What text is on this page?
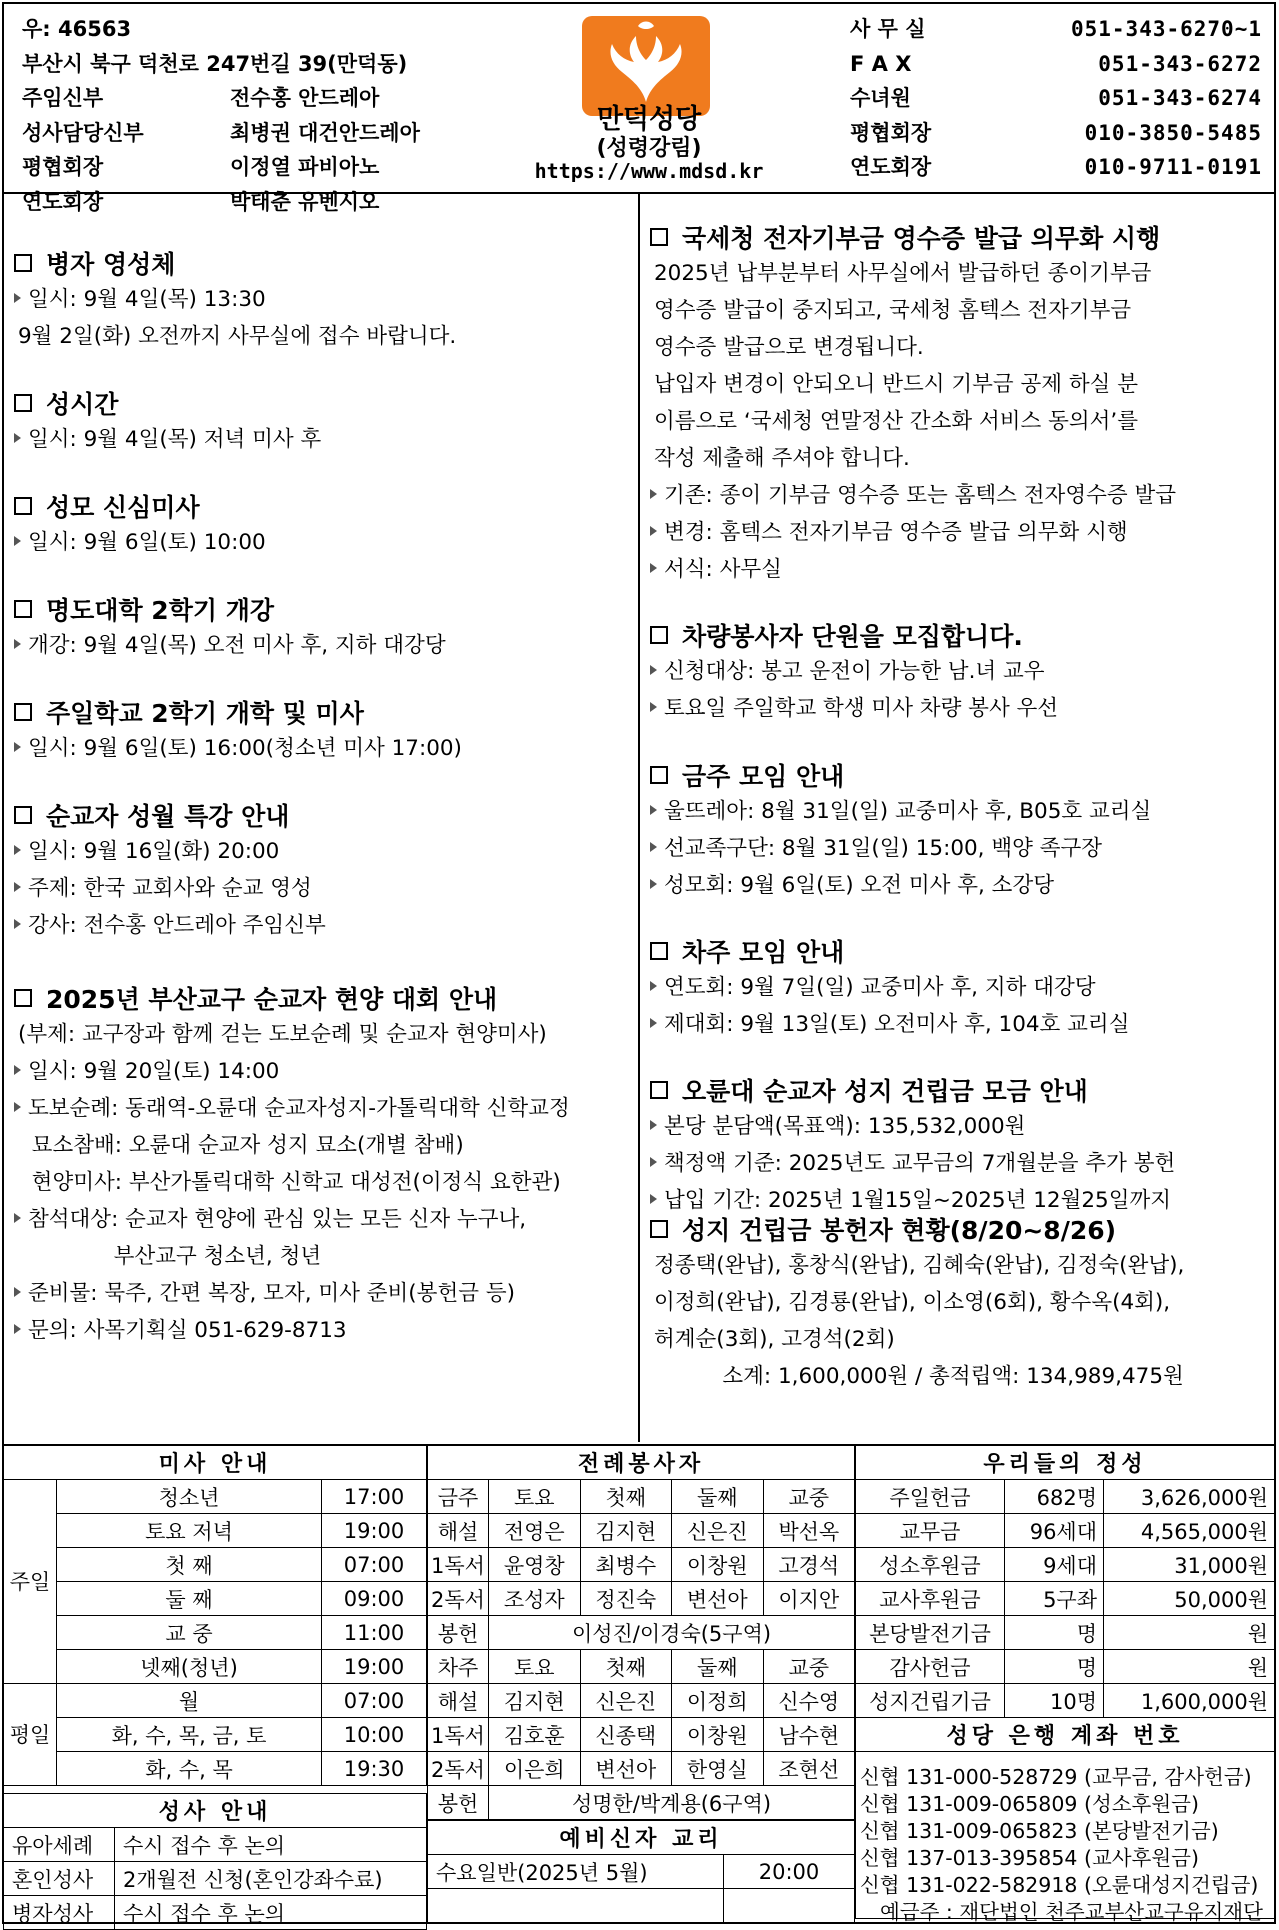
우: 46563
부산시 북구 덕천로 247번길 39(만덕동)
주임신부	전수홍 안드레아
성사담당신부	최병권 대건안드레아
평협회장	이정열 파비아노
연도회장	박태춘 유벤시오
만덕성당
(성령강림)
https://www.mdsd.kr
사 무 실	051-343-6270~1
F A X	051-343-6272
수녀원	051-343-6274
평협회장	010-3850-5485
연도회장	010-9711-0191
병자 영성체
일시: 9월 4일(목) 13:30
9월 2일(화) 오전까지 사무실에 접수 바랍니다.
성시간
일시: 9월 4일(목) 저녁 미사 후
성모 신심미사
일시: 9월 6일(토) 10:00
명도대학 2학기 개강
개강: 9월 4일(목) 오전 미사 후, 지하 대강당
주일학교 2학기 개학 및 미사
일시: 9월 6일(토) 16:00(청소년 미사 17:00)
순교자 성월 특강 안내
일시: 9월 16일(화) 20:00
주제: 한국 교회사와 순교 영성
강사: 전수홍 안드레아 주임신부
2025년 부산교구 순교자 현양 대회 안내
(부제: 교구장과 함께 걷는 도보순례 및 순교자 현양미사)
일시: 9월 20일(토) 14:00
도보순례: 동래역-오륜대 순교자성지-가톨릭대학 신학교정
묘소참배: 오륜대 순교자 성지 묘소(개별 참배)
현양미사: 부산가톨릭대학 신학교 대성전(이정식 요한관)
참석대상: 순교자 현양에 관심 있는 모든 신자 누구나,
부산교구 청소년, 청년
준비물: 묵주, 간편 복장, 모자, 미사 준비(봉헌금 등)
문의: 사목기획실 051-629-8713
국세청 전자기부금 영수증 발급 의무화 시행
2025년 납부분부터 사무실에서 발급하던 종이기부금
영수증 발급이 중지되고, 국세청 홈텍스 전자기부금
영수증 발급으로 변경됩니다.
납입자 변경이 안되오니 반드시 기부금 공제 하실 분
이름으로 ‘국세청 연말정산 간소화 서비스 동의서’를
작성 제출해 주셔야 합니다.
기존: 종이 기부금 영수증 또는 홈텍스 전자영수증 발급
변경: 홈텍스 전자기부금 영수증 발급 의무화 시행
서식: 사무실
차량봉사자 단원을 모집합니다.
신청대상: 봉고 운전이 가능한 남.녀 교우
토요일 주일학교 학생 미사 차량 봉사 우선
금주 모임 안내
울뜨레아: 8월 31일(일) 교중미사 후, B05호 교리실
선교족구단: 8월 31일(일) 15:00, 백양 족구장
성모회: 9월 6일(토) 오전 미사 후, 소강당
차주 모임 안내
연도회: 9월 7일(일) 교중미사 후, 지하 대강당
제대회: 9월 13일(토) 오전미사 후, 104호 교리실
오륜대 순교자 성지 건립금 모금 안내
본당 분담액(목표액): 135,532,000원
책정액 기준: 2025년도 교무금의 7개월분을 추가 봉헌
납입 기간: 2025년 1월15일~2025년 12월25일까지
성지 건립금 봉헌자 현황(8/20~8/26)
정종택(완납), 홍창식(완납), 김혜숙(완납), 김정숙(완납),
이정희(완납), 김경룡(완납), 이소영(6회), 황수옥(4회),
허계순(3회), 고경석(2회)
소계: 1,600,000원 / 총적립액: 134,989,475원
미사 안내		
주일	청소년	17:00
	토요 저녁	19:00
	첫 째	07:00
	둘 째	09:00
	교 중	11:00
	넷째(청년)	19:00
평일	월	07:00
	화, 수, 목, 금, 토	10:00
	화, 수, 목	19:30
성사 안내	
유아세례	수시 접수 후 논의
혼인성사	2개월전 신청(혼인강좌수료)
병자성사	수시 접수 후 논의
전례봉사자				
금주	토요	첫째	둘째	교중
해설	전영은	김지현	신은진	박선옥
1독서	윤영창	최병수	이창원	고경석
2독서	조성자	정진숙	변선아	이지안
봉헌	이성진/이경숙(5구역)			
차주	토요	첫째	둘째	교중
해설	김지현	신은진	이정희	신수영
1독서	김호훈	신종택	이창원	남수현
2독서	이은희	변선아	한영실	조현선
봉헌	성명한/박계용(6구역)			
예비신자 교리	
수요일반(2025년 5월)	20:00

우리들의 정성		
주일헌금	682명	3,626,000원
교무금	96세대	4,565,000원
성소후원금	9세대	31,000원
교사후원금	5구좌	50,000원
본당발전기금	명	원
감사헌금	명	원
성지건립기금	10명	1,600,000원
성당 은행 계좌 번호		

신협 131-000-528729 (교무금, 감사헌금)
신협 131-009-065809 (성소후원금)
신협 131-009-065823 (본당발전기금)
신협 137-013-395854 (교사후원금)
신협 131-022-582918 (오륜대성지건립금)
예금주 : 재단법인 천주교부산교구유지재단
